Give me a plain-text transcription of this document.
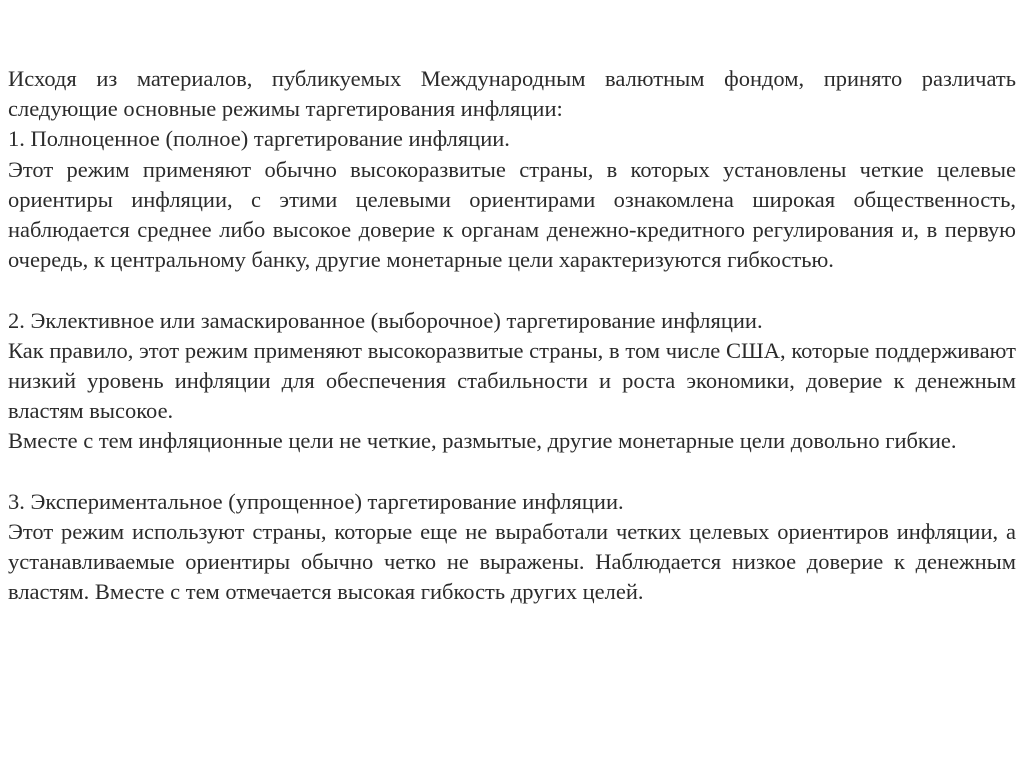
Исходя из материалов, публикуемых Международным валютным фондом, принято различать следующие основные режимы таргетирования инфляции:

1. Полноценное (полное) таргетирование инфляции.

Этот режим применяют обычно высокоразвитые страны, в которых установлены четкие целевые ориентиры инфляции, с этими целевыми ориентирами ознакомлена широкая общественность, наблюдается среднее либо высокое доверие к органам денежно-кредитного регулирования и, в первую очередь, к центральному банку, другие монетарные цели характеризуются гибкостью.

2. Эклективное или замаскированное (выборочное) таргетирование инфляции.

Как правило, этот режим применяют высокоразвитые страны, в том числе США, которые поддерживают низкий уровень инфляции для обеспечения стабильности и роста экономики, доверие к денежным властям высокое.

Вместе с тем инфляционные цели не четкие, размытые, другие монетарные цели довольно гибкие.

3. Экспериментальное (упрощенное) таргетирование инфляции.

Этот режим используют страны, которые еще не выработали четких целевых ориентиров инфляции, а устанавливаемые ориентиры обычно четко не выражены. Наблюдается низкое доверие к денежным властям. Вместе с тем отмечается высокая гибкость других целей.
